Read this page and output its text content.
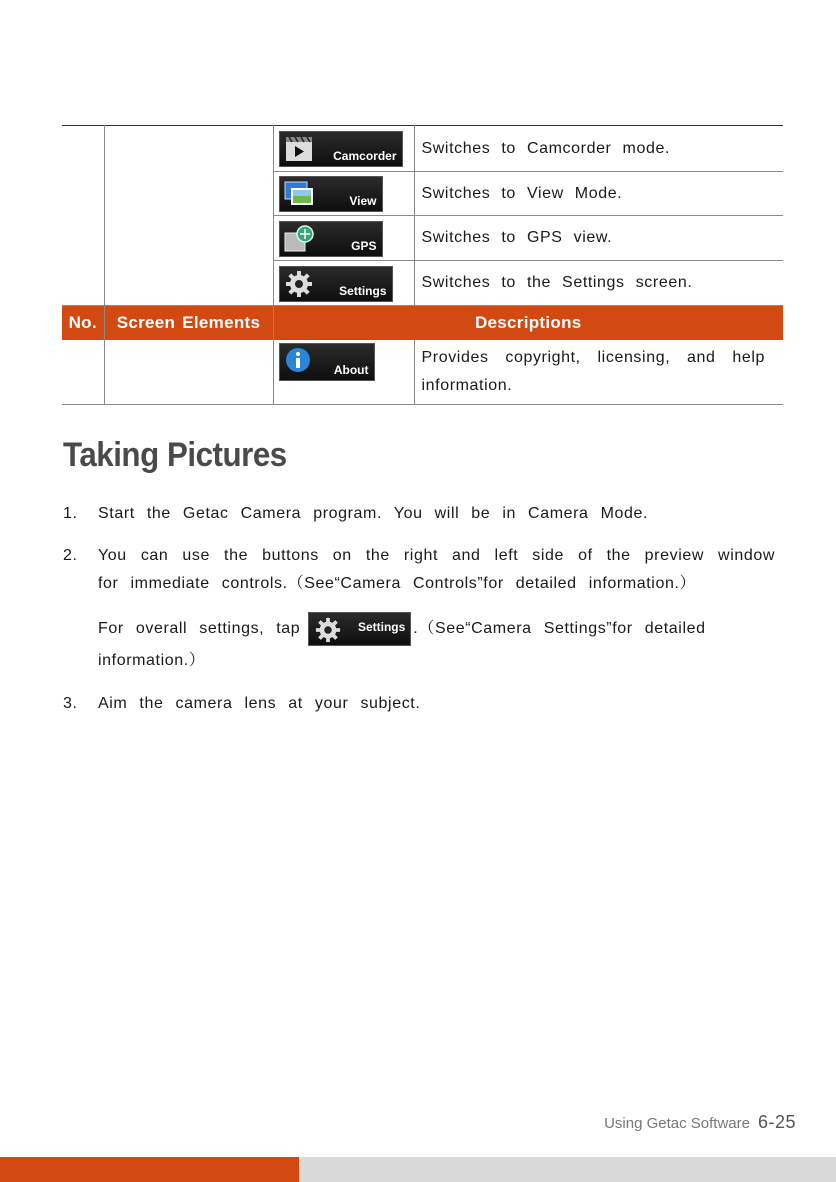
		Camcorder	Switches to Camcorder mode.

		View	Switches to View Mode.

		GPS	Switches to GPS view.

		Settings	Switches to the Settings screen.
No.	Screen Elements	Descriptions	

		About	Provides copyright, licensing, and help information.
Taking Pictures
1. Start the Getac Camera program. You will be in Camera Mode.

2. You can use the buttons on the right and left side of the preview window for immediate controls.（See“Camera Controls”for detailed information.）

For overall settings, tap	Settings .（See“Camera Settings”for detailed information.）

3. Aim the camera lens at your subject.

Using Getac Software 6-25
